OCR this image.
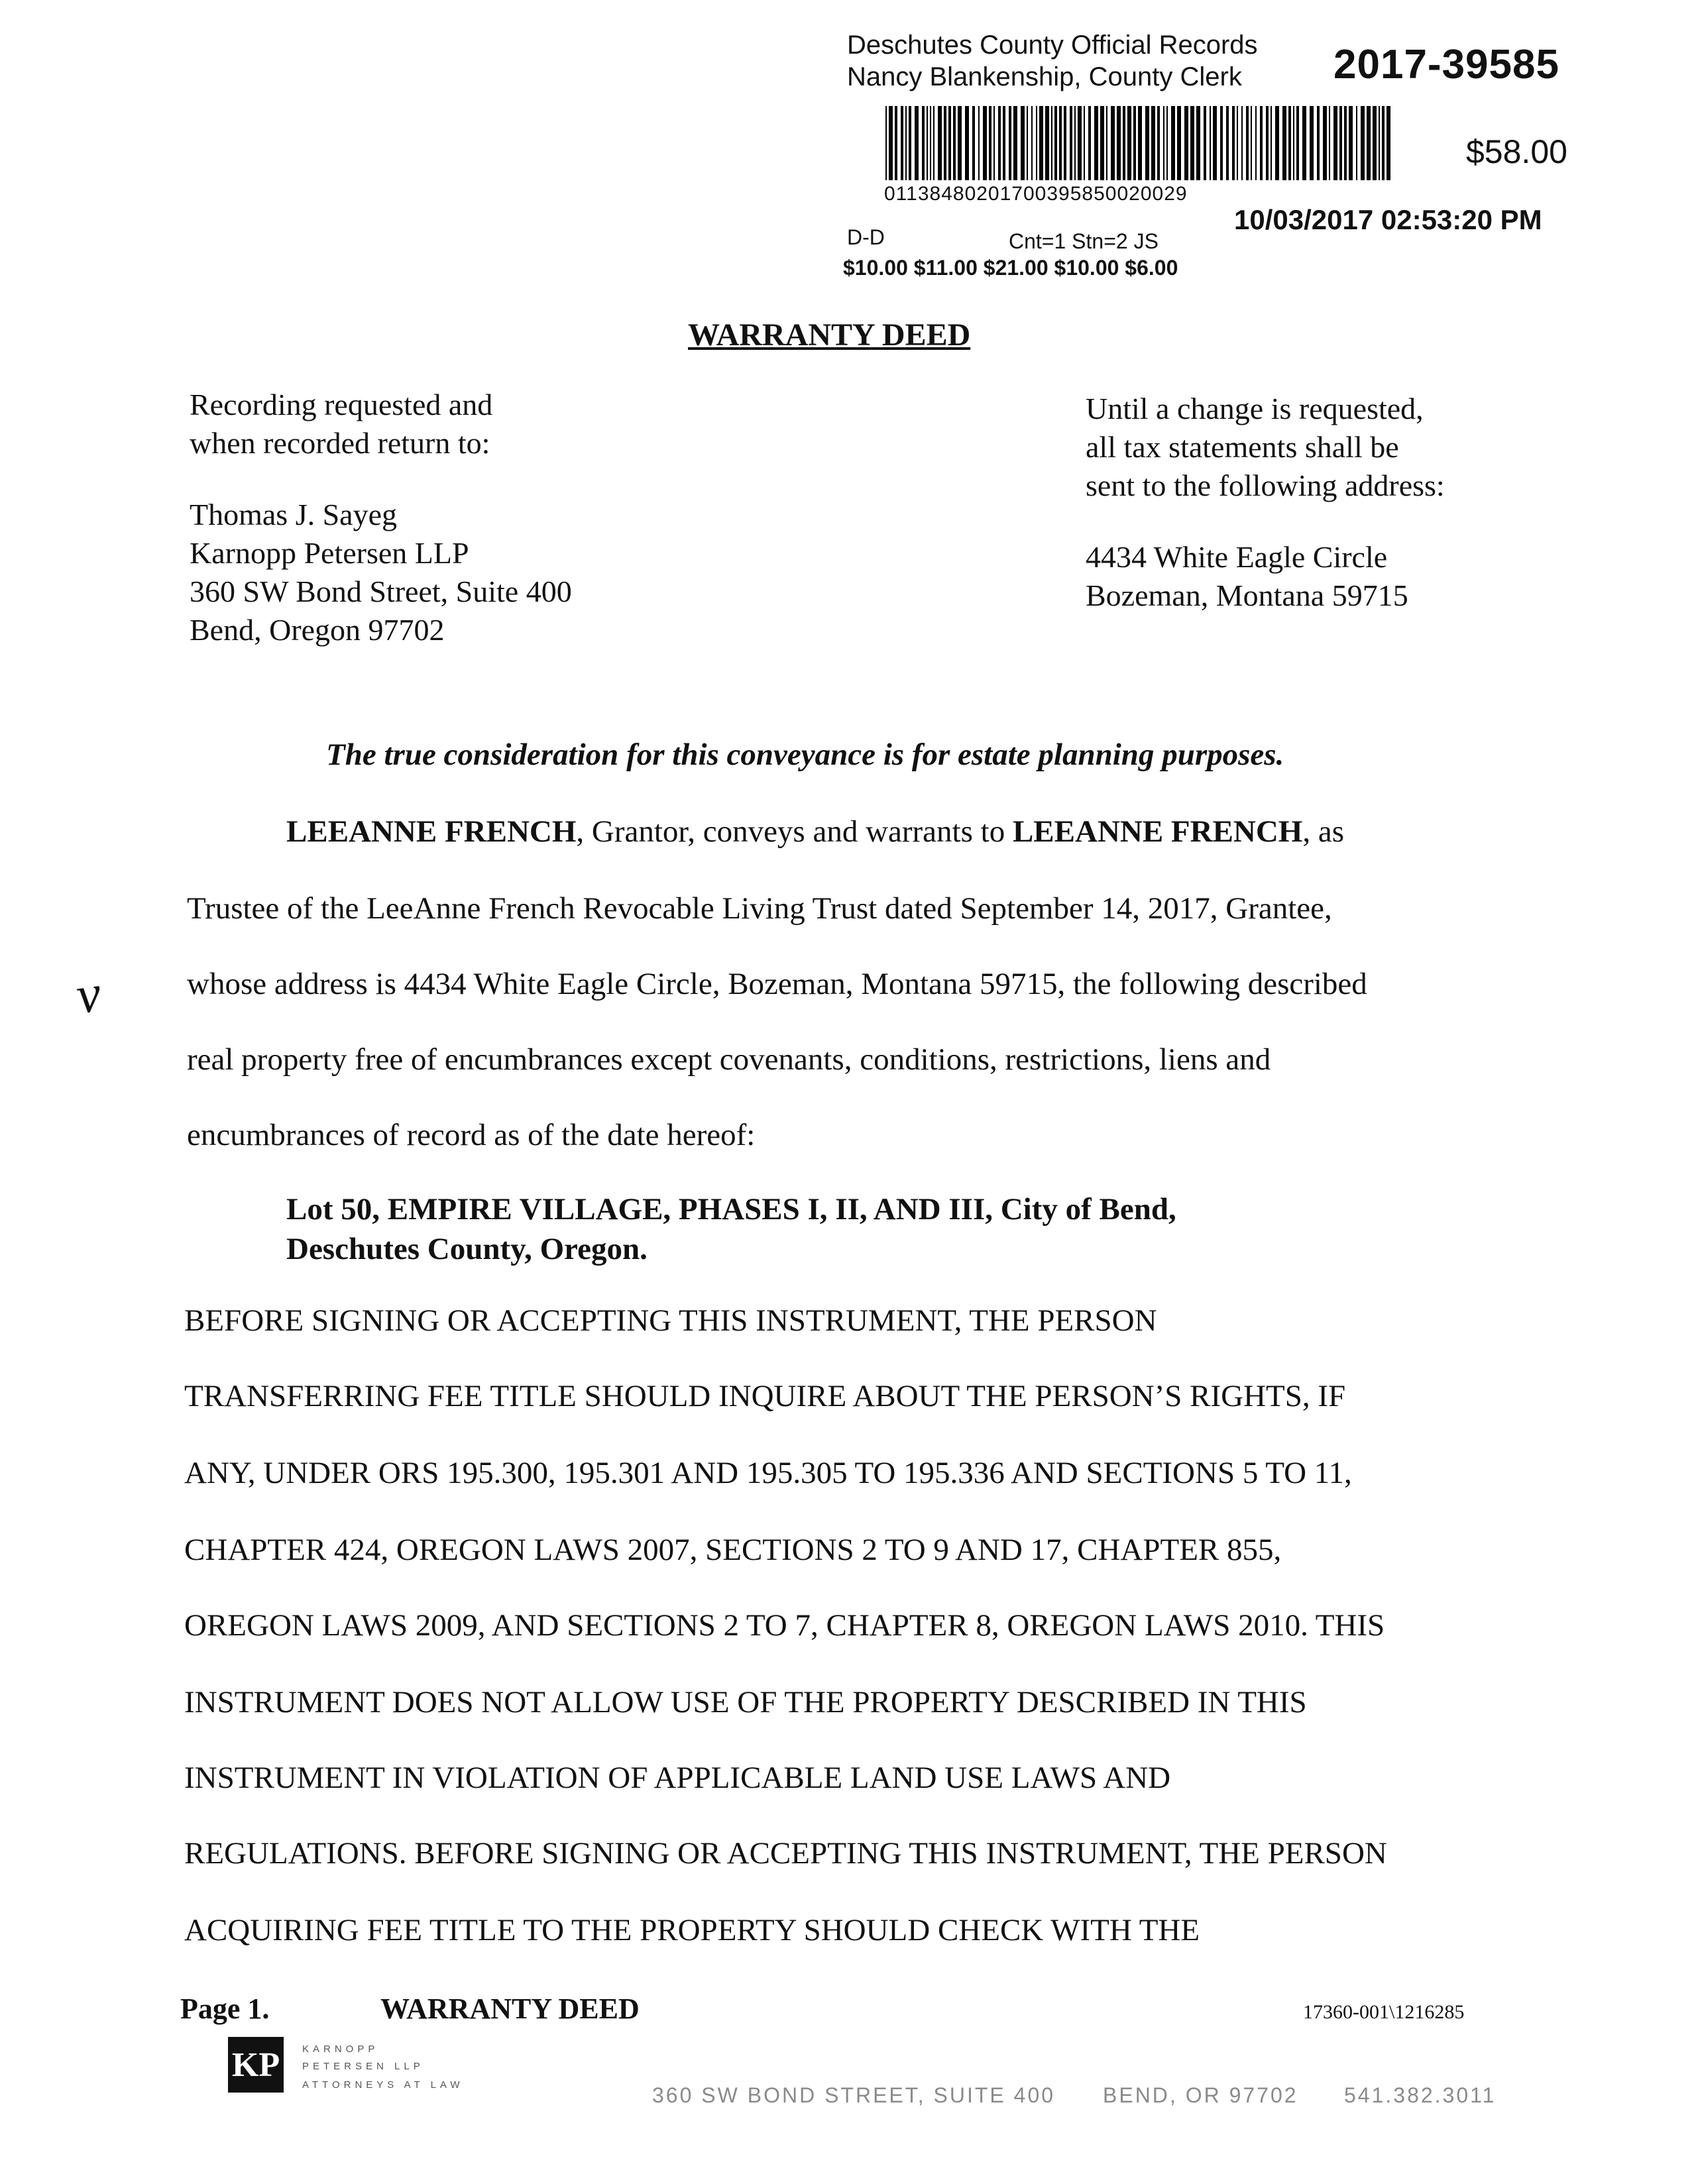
Deschutes County Official Records
Nancy Blankenship, County Clerk 2017-39585
01138480201700395850020029
$58.00
10/03/2017 02:53:20 PM
D-D	Cnt=1 Stn=2 JS
$10.00 $11.00 $21.00 $10.00 $6.00
WARRANTY DEED
Recording requested and
when recorded return to:
Thomas J. Sayeg
Karnopp Petersen LLP
360 SW Bond Street, Suite 400
Bend, Oregon 97702
Until a change is requested,
all tax statements shall be
sent to the following address:
4434 White Eagle Circle
Bozeman, Montana 59715
The true consideration for this conveyance is for estate planning purposes.
LEEANNE FRENCH, Grantor, conveys and warrants to LEEANNE FRENCH, as
Trustee of the LeeAnne French Revocable Living Trust dated September 14, 2017, Grantee,
whose address is 4434 White Eagle Circle, Bozeman, Montana 59715, the following described
real property free of encumbrances except covenants, conditions, restrictions, liens and
encumbrances of record as of the date hereof:
ν
Lot 50, EMPIRE VILLAGE, PHASES I, II, AND III, City of Bend,
Deschutes County, Oregon.
BEFORE SIGNING OR ACCEPTING THIS INSTRUMENT, THE PERSON
TRANSFERRING FEE TITLE SHOULD INQUIRE ABOUT THE PERSON’S RIGHTS, IF
ANY, UNDER ORS 195.300, 195.301 AND 195.305 TO 195.336 AND SECTIONS 5 TO 11,
CHAPTER 424, OREGON LAWS 2007, SECTIONS 2 TO 9 AND 17, CHAPTER 855,
OREGON LAWS 2009, AND SECTIONS 2 TO 7, CHAPTER 8, OREGON LAWS 2010. THIS
INSTRUMENT DOES NOT ALLOW USE OF THE PROPERTY DESCRIBED IN THIS
INSTRUMENT IN VIOLATION OF APPLICABLE LAND USE LAWS AND
REGULATIONS. BEFORE SIGNING OR ACCEPTING THIS INSTRUMENT, THE PERSON
ACQUIRING FEE TITLE TO THE PROPERTY SHOULD CHECK WITH THE
Page 1.	WARRANTY DEED	17360-001\1216285
KP KARNOPP
PETERSEN LLP
ATTORNEYS AT LAW	360 SW BOND STREET, SUITE 400 BEND, OR 97702 541.382.3011
